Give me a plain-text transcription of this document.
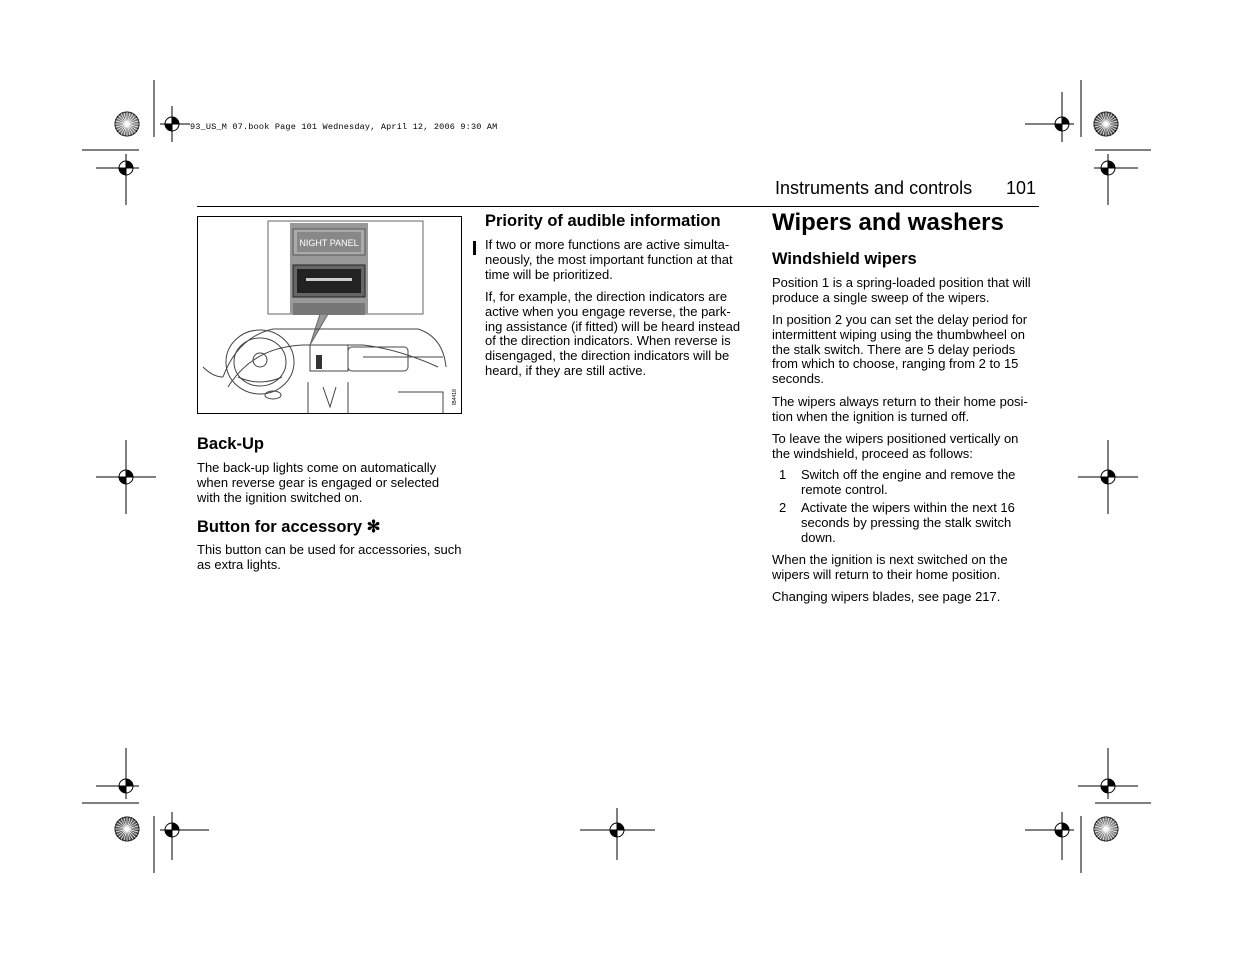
93_US_M 07.book Page 101 Wednesday, April 12, 2006 9:30 AM
Instruments and controls 101
NIGHT PANEL
IB4418
Back-Up

The back-up lights come on automatically when reverse gear is engaged or selected with the ignition switched on.

Button for accessory ✻

This button can be used for accessories, such as extra lights.

Priority of audible information

If two or more functions are active simulta- neously, the most important function at that time will be prioritized.

If, for example, the direction indicators are active when you engage reverse, the park- ing assistance (if fitted) will be heard instead of the direction indicators. When reverse is disengaged, the direction indicators will be heard, if they are still active.

Wipers and washers
Windshield wipers

Position 1 is a spring-loaded position that will produce a single sweep of the wipers.

In position 2 you can set the delay period for intermittent wiping using the thumbwheel on the stalk switch. There are 5 delay periods from which to choose, ranging from 2 to 15 seconds.

The wipers always return to their home posi- tion when the ignition is turned off.

To leave the wipers positioned vertically on the windshield, proceed as follows:

1 Switch off the engine and remove the remote control.
2 Activate the wipers within the next 16 seconds by pressing the stalk switch down.

When the ignition is next switched on the wipers will return to their home position.

Changing wipers blades, see page 217.
